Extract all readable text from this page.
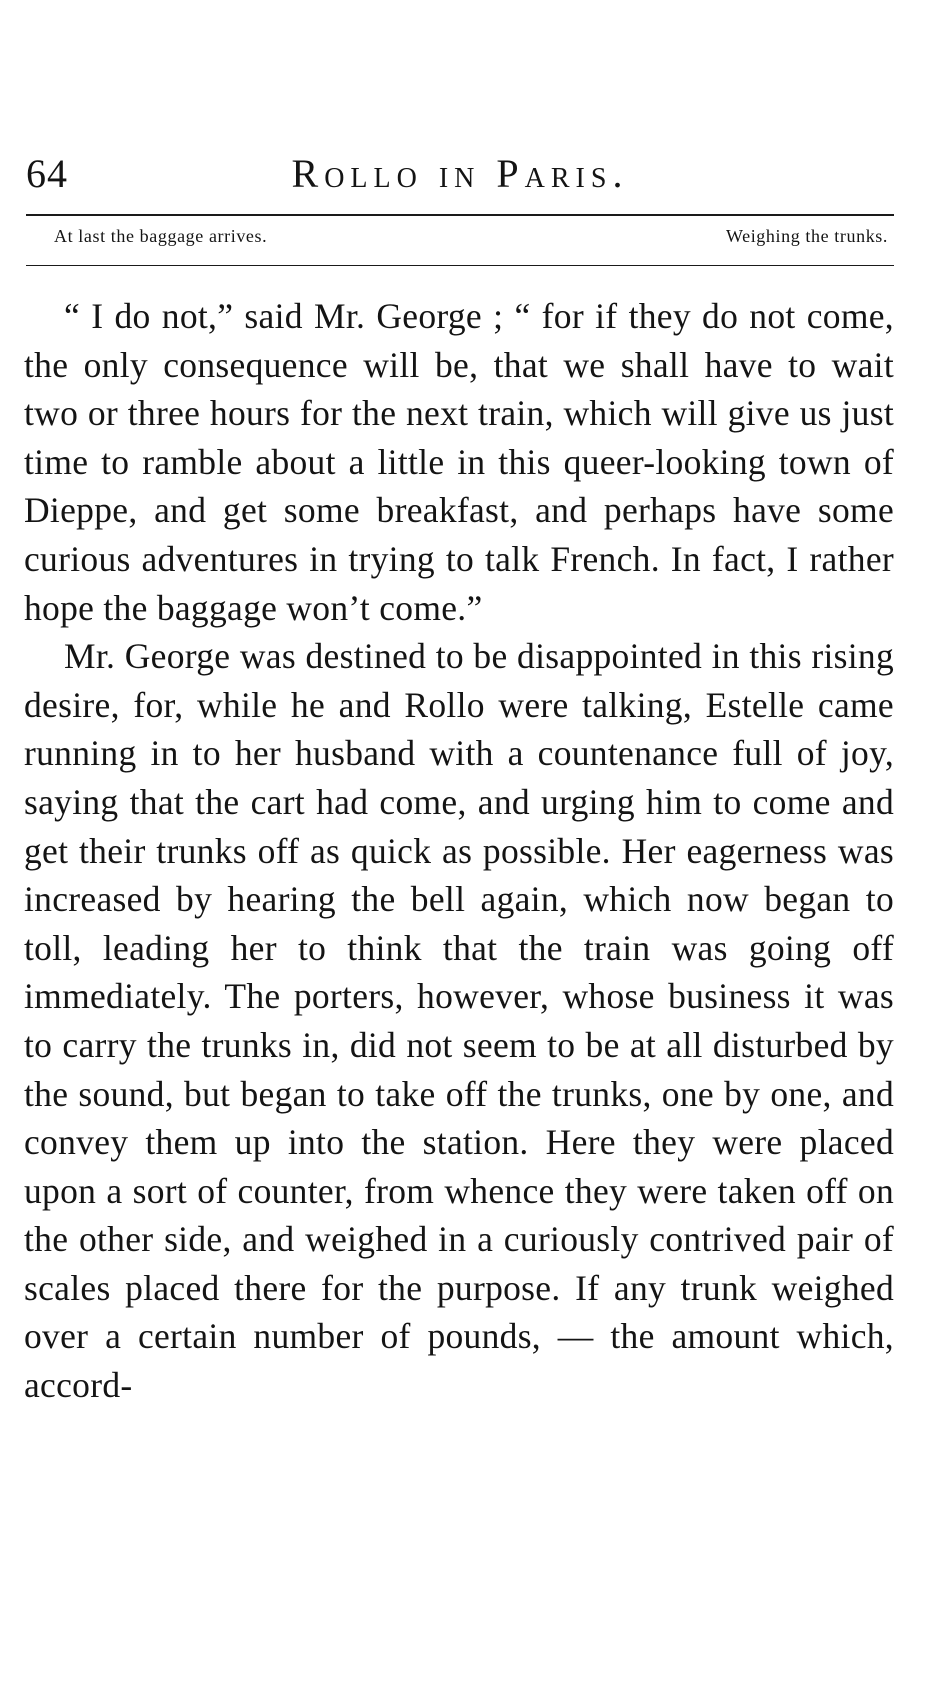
64	Rollo in Paris.
At last the baggage arrives.	Weighing the trunks.

“ I do not,” said Mr. George ; “ for if they do not come, the only consequence will be, that we shall have to wait two or three hours for the next train, which will give us just time to ramble about a little in this queer-looking town of Dieppe, and get some breakfast, and perhaps have some curious adventures in trying to talk French. In fact, I rather hope the baggage won’t come.”

Mr. George was destined to be disappointed in this rising desire, for, while he and Rollo were talking, Estelle came running in to her husband with a countenance full of joy, saying that the cart had come, and urging him to come and get their trunks off as quick as possible. Her eagerness was increased by hearing the bell again, which now began to toll, leading her to think that the train was going off immediately. The porters, however, whose business it was to carry the trunks in, did not seem to be at all disturbed by the sound, but began to take off the trunks, one by one, and convey them up into the station. Here they were placed upon a sort of counter, from whence they were taken off on the other side, and weighed in a curiously contrived pair of scales placed there for the purpose. If any trunk weighed over a certain number of pounds, — the amount which, accord-
